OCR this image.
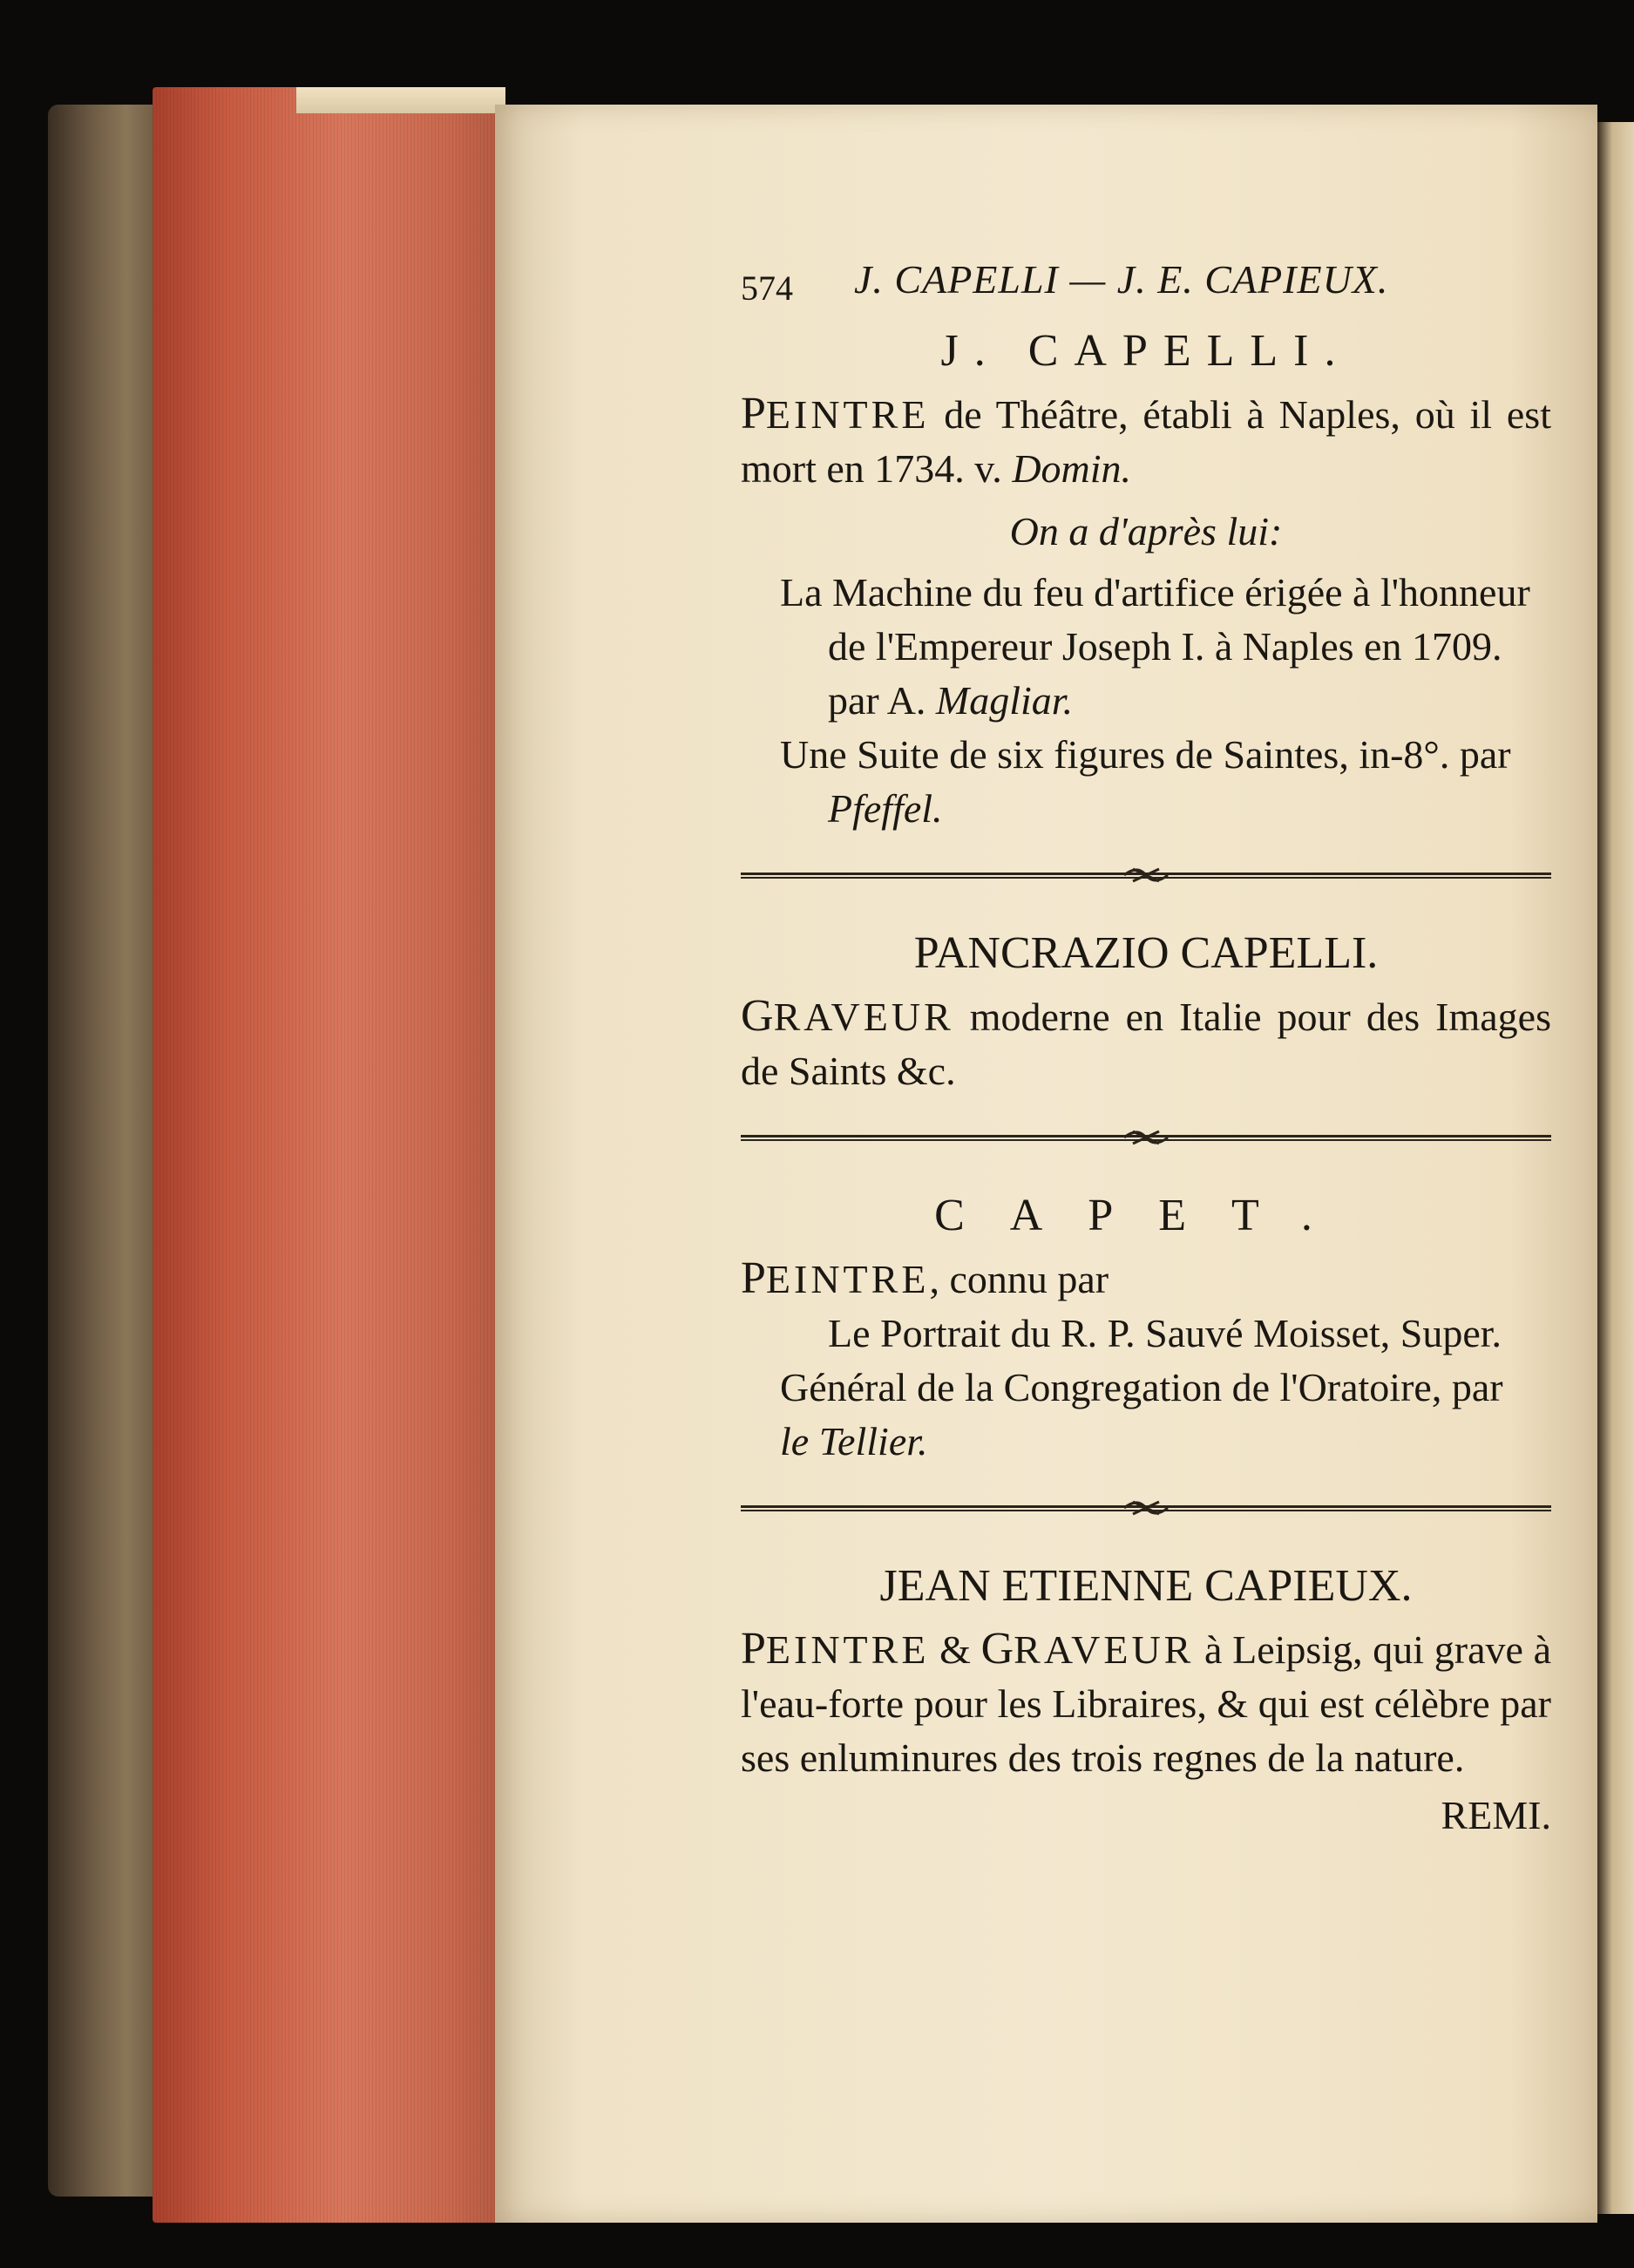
574 J. CAPELLI — J. E. CAPIEUX.
J. CAPELLI.

PEINTRE de Théâtre, établi à Naples, où il est mort en 1734. v. Domin.

On a d'après lui:
La Machine du feu d'artifice érigée à l'honneur
de l'Empereur Joseph I. à Naples en 1709.
par A. Magliar.
Une Suite de six figures de Saintes, in-8°. par
Pfeffel.
PANCRAZIO CAPELLI.

GRAVEUR moderne en Italie pour des Images de Saints &c.

CAPET.

PEINTRE, connu par

Le Portrait du R. P. Sauvé Moisset, Super.
Général de la Congregation de l'Oratoire, par
le Tellier.
JEAN ETIENNE CAPIEUX.

PEINTRE & GRAVEUR à Leipsig, qui grave à l'eau-forte pour les Libraires, & qui est célèbre par ses enluminures des trois regnes de la nature.

REMI.
